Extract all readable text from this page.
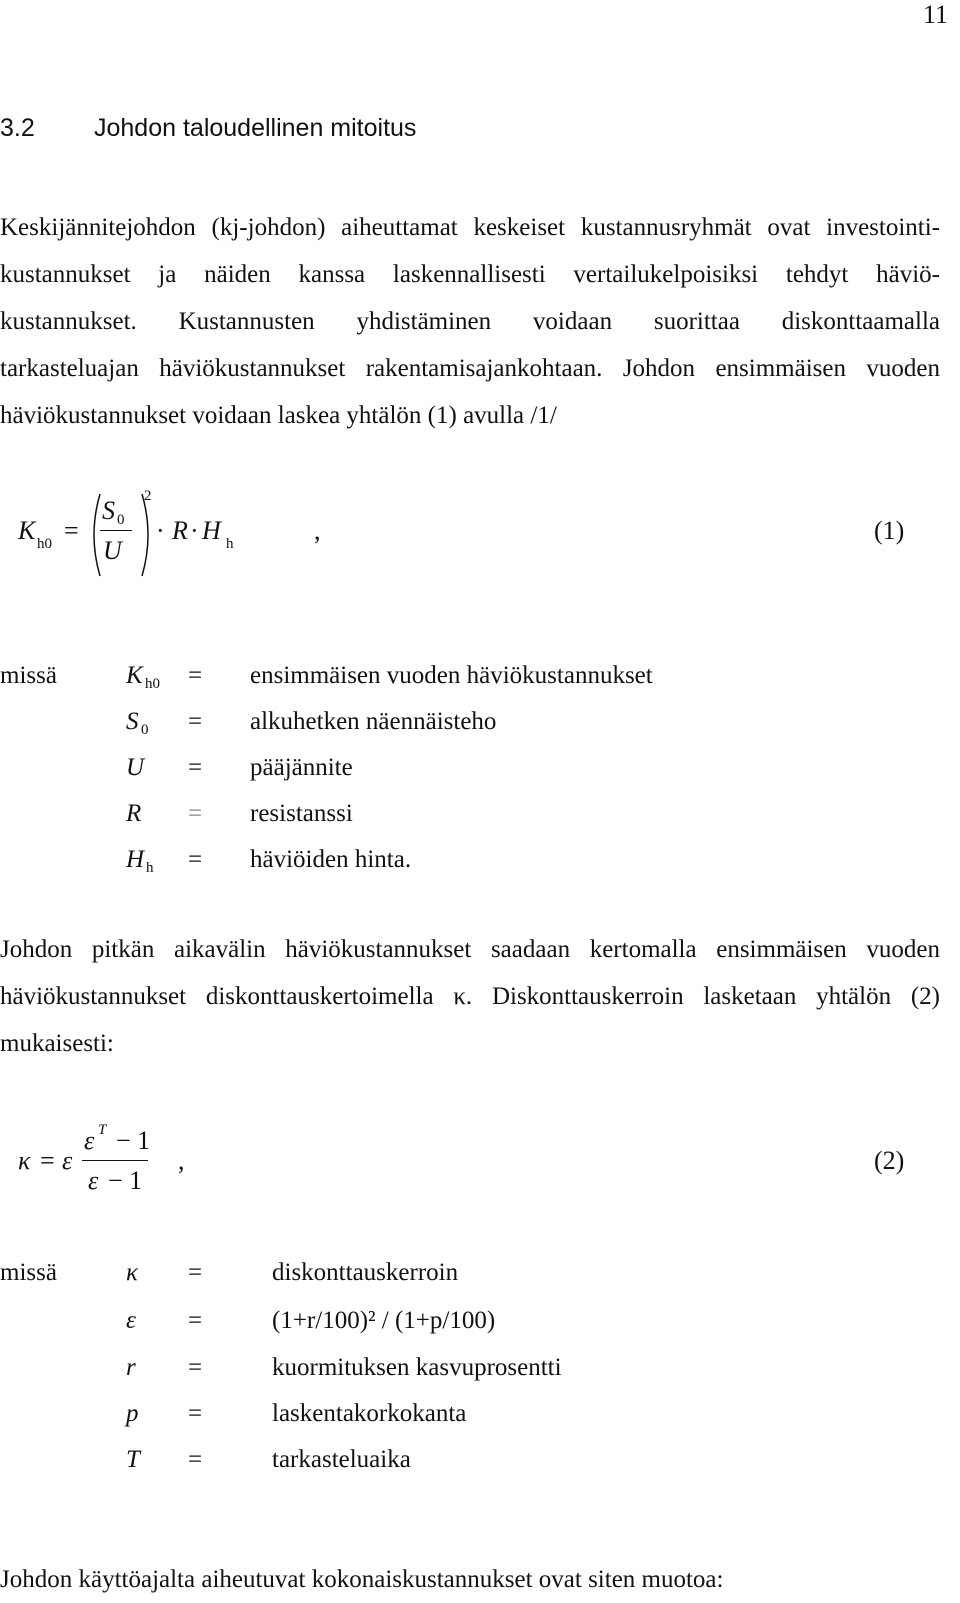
11
3.2 Johdon taloudellinen mitoitus
Keskijännitejohdon (kj-johdon) aiheuttamat keskeiset kustannusryhmät ovat investointi-
kustannukset ja näiden kanssa laskennallisesti vertailukelpoisiksi tehdyt häviö-
kustannukset. Kustannusten yhdistäminen voidaan suorittaa diskonttaamalla
tarkasteluajan häviökustannukset rakentamisajankohtaan. Johdon ensimmäisen vuoden
häviökustannukset voidaan laskea yhtälön (1) avulla /1/
K h0 =
S 0
U
2
· R · H h	,	(1)
missä	K h0 = ensimmäisen vuoden häviökustannukset
S 0 = alkuhetken näennäisteho
U = pääjännite
R = resistanssi
H h = häviöiden hinta.
Johdon pitkän aikavälin häviökustannukset saadaan kertomalla ensimmäisen vuoden
häviökustannukset diskonttauskertoimella κ. Diskonttauskerroin lasketaan yhtälön (2)
mukaisesti:
κ = ε
ε T − 1
ε − 1
,	(2)
missä	κ =	diskonttauskerroin
ε =	(1+r/100)² / (1+p/100)
r =	kuormituksen kasvuprosentti
p =	laskentakorkokanta
T =	tarkasteluaika
Johdon käyttöajalta aiheutuvat kokonaiskustannukset ovat siten muotoa:
